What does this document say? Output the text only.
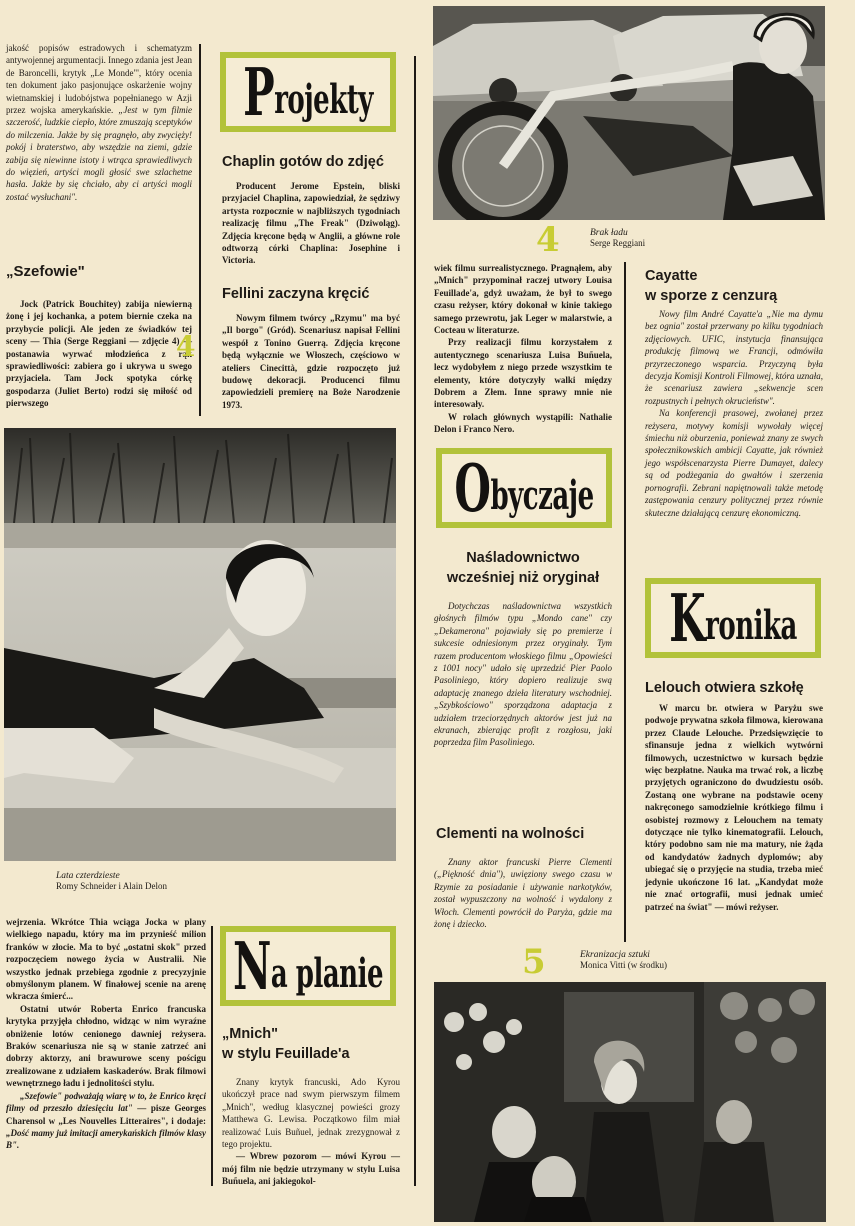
jakość popisów estradowych i schematyzm antywojennej argumentacji. Innego zdania jest Jean de Baroncelli, krytyk „Le Monde"', który ocenia ten dokument jako pasjonujące oskarżenie wojny wietnamskiej i ludobójstwa popełnianego w Azji przez wojska amerykańskie. „Jest w tym filmie szczerość, ludzkie ciepło, które zmuszają sceptyków do milczenia. Jakże by się pragnęło, aby zwycięży! pokój i braterstwo, aby wszędzie na ziemi, gdzie zabija się niewinne istoty i wtrąca sprawiedliwych do więzień, artyści mogli głosić swe szlachetne hasła. Jakże by się chciało, aby ci artyści mogli zostać wysłuchani".
„Szefowie"

Jock (Patrick Bouchitey) zabija niewierną żonę i jej kochanka, a potem biernie czeka na przybycie policji. Ale jeden ze świadków tej sceny — Thia (Serge Reggiani — zdjęcie 4) — postanawia wyrwać młodzieńca z rąk sprawiedliwości: zabiera go i ukrywa u swego przyjaciela. Tam Jock spotyka córkę gospodarza (Juliet Berto) rodzi się miłość od pierwszego

4
Lata czterdzieste
Romy Schneider i Alain Delon

wejrzenia. Wkrótce Thia wciąga Jocka w plany wielkiego napadu, który ma im przynieść milion franków w złocie. Ma to być „ostatni skok" przed rozpoczęciem nowego życia w Australii. Nie wszystko jednak przebiega zgodnie z precyzyjnie obmyślonym planem. W finałowej scenie na arenę wkracza śmierć...

Ostatni utwór Roberta Enrico francuska krytyka przyjęła chłodno, widząc w nim wyraźne obniżenie lotów cenionego dawniej reżysera. Braków scenariusza nie są w stanie zatrzeć ani dobrzy aktorzy, ani brawurowe sceny pościgu zrealizowane z udziałem kaskaderów. Brak filmowi wewnętrznego ładu i jednolitości stylu.

„Szefowie" podważają wiarę w to, że Enrico kręci filmy od przeszło dziesięciu lat" — pisze Georges Charensol w „Les Nouvelles Litteraires", i dodaje: „Dość mamy już imitacji amerykańskich filmów klasy B".

Projekty
Chaplin gotów do zdjęć

Producent Jerome Epstein, bliski przyjaciel Chaplina, zapowiedział, że sędziwy artysta rozpocznie w najbliższych tygodniach realizację filmu „The Freak" (Dziwoląg). Zdjęcia kręcone będą w Anglii, a główne role odtworzą córki Chaplina: Josephine i Victoria.

Fellini zaczyna kręcić

Nowym filmem twórcy „Rzymu" ma być „Il borgo" (Gród). Scenariusz napisał Fellini wespół z Tonino Guerrą. Zdjęcia kręcone będą wyłącznie we Włoszech, częściowo w ateliers Cinecittà, gdzie rozpoczęto już budowę dekoracji. Producenci filmu zapowiedzieli premierę na Boże Narodzenie 1973.

Na planie
„Mnich"
w stylu Feuillade'a

Znany krytyk francuski, Ado Kyrou ukończył prace nad swym pierwszym filmem „Mnich", według klasycznej powieści grozy Matthewa G. Lewisa. Początkowo film miał realizować Luis Buñuel, jednak zrezygnował z tego projektu.

— Wbrew pozorom — mówi Kyrou — mój film nie będzie utrzymany w stylu Luisa Buñuela, ani jakiegokol-

4	Brak ładu
Serge Reggiani

wiek filmu surrealistycznego. Pragnąłem, aby „Mnich" przypominał raczej utwory Louisa Feuillade'a, gdyż uważam, że był to swego czasu reżyser, który dokonał w kinie takiego samego przewrotu, jak Leger w malarstwie, a Cocteau w literaturze.

Przy realizacji filmu korzystałem z autentycznego scenariusza Luisa Buñuela, lecz wydobyłem z niego przede wszystkim te elementy, które dotyczyły walki między Dobrem a Złem. Inne sprawy mnie nie interesowały.

W rolach głównych wystąpili: Nathalie Delon i Franco Nero.

Obyczaje
Naśladownictwo
wcześniej niż oryginał

Dotychczas naśladownictwa wszystkich głośnych filmów typu „Mondo cane" czy „Dekamerona" pojawiały się po premierze i sukcesie odniesionym przez oryginały. Tym razem producentom włoskiego filmu „Opowieści z 1001 nocy" udało się uprzedzić Pier Paolo Pasoliniego, który dopiero realizuje swą adaptację znanego dzieła literatury wschodniej. „Szybkościowo" sporządzona adaptacja z udziałem trzeciorzędnych aktorów jest już na ekranach, zbierając profit z rozgłosu, jaki poprzedza film Pasoliniego.

Clementi na wolności

Znany aktor francuski Pierre Clementi („Piękność dnia"), uwięziony swego czasu w Rzymie za posiadanie i używanie narkotyków, został wypuszczony na wolność i wydalony z Włoch. Clementi powrócił do Paryża, gdzie ma żonę i dziecko.

Cayatte
w sporze z cenzurą

Nowy film André Cayatte'a „Nie ma dymu bez ognia" został przerwany po kilku tygodniach zdjęciowych. UFIC, instytucja finansująca produkcję filmową we Francji, odmówiła przyrzeczonego wsparcia. Przyczyną była decyzja Komisji Kontroli Filmowej, która uznała, że scenariusz zawiera „sekwencje scen rozpustnych i pełnych okrucieństw".

Na konferencji prasowej, zwołanej przez reżysera, motywy komisji wywołały więcej śmiechu niż oburzenia, ponieważ znany ze swych społecznikowskich ambicji Cayatte, jak również jego współscenarzysta Pierre Dumayet, dalecy są od podżegania do gwałtów i szerzenia pornografii. Zebrani napiętnowali także metodę zastępowania cenzury politycznej przez równie skuteczne działającą cenzurę ekonomiczną.

Kronika
Lelouch otwiera szkołę

W marcu br. otwiera w Paryżu swe podwoje prywatna szkoła filmowa, kierowana przez Claude Lelouche. Przedsięwzięcie to sfinansuje jedna z wielkich wytwórni filmowych, uczestnictwo w kursach będzie więc bezpłatne. Nauka ma trwać rok, a liczbę przyjętych ograniczono do dwudziestu osób. Zostaną one wybrane na podstawie oceny nakręconego samodzielnie krótkiego filmu i osobistej rozmowy z Lelouchem na tematy dotyczące nie tylko kinematografii. Lelouch, który podobno sam nie ma matury, nie żąda od kandydatów żadnych dyplomów; aby ubiegać się o przyjęcie na studia, trzeba mieć jedynie ukończone 16 lat. „Kandydat może nie znać ortografii, musi jednak umieć patrzeć na świat" — mówi reżyser.

5	Ekranizacja sztuki
Monica Vitti (w środku)
